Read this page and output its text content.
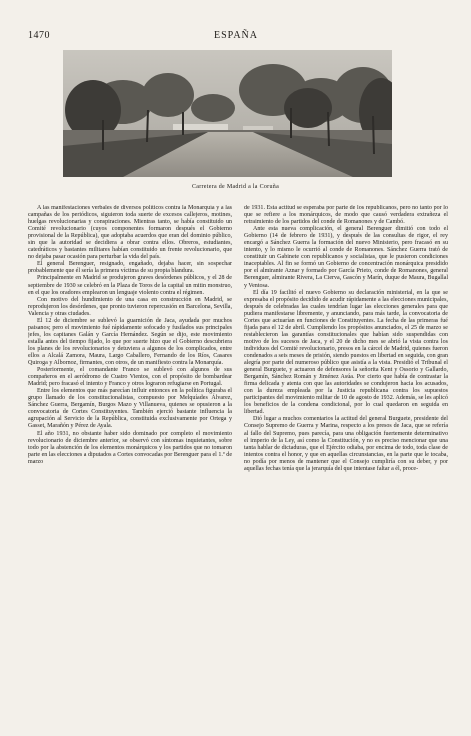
1470	ESPAÑA
Carretera de Madrid a la Coruña

A las manifestaciones verbales de diversos políticos contra la Monarquía y a las campañas de los periódicos, siguieron toda suerte de excesos callejeros, motines, huelgas revolucionarias y conspiraciones. Mientras tanto, se había constituido un Comité revolucionario (cuyos componentes formaron después el Gobierno provisional de la República), que adoptaba acuerdos que eran del dominio público, sin que la autoridad se decidiera a obrar contra ellos. Obreros, estudiantes, catedráticos y bastantes militares habían constituido un frente revolucionario, que no dejaba pasar ocasión para perturbar la vida del país.

El general Berenguer, resignado, engañado, dejaba hacer, sin sospechar probablemente que él sería la primera víctima de su propia blandura.

Principalmente en Madrid se produjeron graves desórdenes públicos, y el 28 de septiembre de 1930 se celebró en la Plaza de Toros de la capital un mitin monstruo, en el que los oradores emplearon un lenguaje violento contra el régimen.

Con motivo del hundimiento de una casa en construcción en Madrid, se reprodujeron los desórdenes, que pronto tuvieron repercusión en Barcelona, Sevilla, Valencia y otras ciudades.

El 12 de diciembre se sublevó la guarnición de Jaca, ayudada por muchos paisanos; pero el movimiento fué rápidamente sofocado y fusilados sus principales jefes, los capitanes Galán y García Hernández. Según se dijo, este movimiento estalla antes del tiempo fijado, lo que por suerte hizo que el Gobierno descubriera los planes de los revolucionarios y detuviera a algunos de los complicados, entre ellos a Alcalá Zamora, Maura, Largo Caballero, Fernando de los Ríos, Casares Quiroga y Albornoz, firmantes, con otros, de un manifiesto contra la Monarquía.

Posteriormente, el comandante Franco se sublevó con algunos de sus compañeros en el aeródromo de Cuatro Vientos, con el propósito de bombardear Madrid; pero fracasó el intento y Franco y otros lograron refugiarse en Portugal.

Entre los elementos que más parecían influir entonces en la política figuraba el grupo llamado de los constitucionalistas, compuesto por Melquíades Álvarez, Sánchez Guerra, Bergamín, Burgos Mazo y Villanueva, quienes se opusieron a la convocatoria de Cortes Constituyentes. También ejerció bastante influencia la agrupación al Servicio de la República, constituida exclusivamente por Ortega y Gasset, Marañón y Pérez de Ayala.

El año 1931, no obstante haber sido dominado por completo el movimiento revolucionario de diciembre anterior, se observó con síntomas inquietantes, sobre todo por la abstención de los elementos monárquicos y los partidos que no tomaron parte en las elecciones a diputados a Cortes convocadas por Berenguer para el 1.º de marzo

de 1931. Esta actitud se esperaba por parte de los republicanos, pero no tanto por lo que se refiere a los monárquicos, de modo que causó verdadera extrañeza el retraimiento de los partidos del conde de Romanones y de Cambó.

Ante esta nueva complicación, el general Berenguer dimitió con todo el Gobierno (14 de febrero de 1931), y después de las consultas de rigor, el rey encargó a Sánchez Guerra la formación del nuevo Ministerio, pero fracasó en su intento, y lo mismo le ocurrió al conde de Romanones. Sánchez Guerra trató de constituir un Gabinete con republicanos y socialistas, que le pusieron condiciones inaceptables. Al fin se formó un Gobierno de concentración monárquica presidido por el almirante Aznar y formado por García Prieto, conde de Romanones, general Berenguer, almirante Rivera, La Cierva, Gascón y Marín, duque de Maura, Bugallal y Ventosa.

El día 19 facilitó el nuevo Gobierno su declaración ministerial, en la que se expresaba el propósito decidido de acudir rápidamente a las elecciones municipales, después de celebradas las cuales tendrían lugar las elecciones generales para que pudiera manifestarse libremente, y anunciando, para más tarde, la convocatoria de Cortes que actuarían en funciones de Constituyentes. La fecha de las primeras fué fijada para el 12 de abril. Cumpliendo los propósitos anunciados, el 25 de marzo se restablecieron las garantías constitucionales que habían sido suspendidas con motivo de los sucesos de Jaca, y el 20 de dicho mes se abrió la vista contra los individuos del Comité revolucionario, presos en la cárcel de Madrid, quienes fueron condenados a seis meses de prisión, siendo puestos en libertad en seguida, con gran alegría por parte del numeroso público que asistía a la vista. Presidió el Tribunal el general Burguete, y actuaron de defensores la señorita Kent y Ossorio y Gallardo, Bergamín, Sánchez Román y Jiménez Asúa. Por cierto que había de contrastar la firma delicada y atenta con que las autoridades se condujeron hacia los acusados, con la dureza empleada por la Justicia republicana contra los supuestos participantes del movimiento militar de 10 de agosto de 1932. Además, se les aplicó los beneficios de la condena condicional, por lo cual quedaron en seguida en libertad.

Dió lugar a muchos comentarios la actitud del general Burguete, presidente del Consejo Supremo de Guerra y Marina, respecto a los presos de Jaca, que se refería al fallo del Supremo, pues parecía, para una obligación fuertemente determinativo el imperio de la Ley, así como la Constitución, y no es preciso mencionar que una tanta hablar de dictaduras, que el Ejército odiaba, por encima de todo, toda clase de intentos contra el honor, y que en aquellas circunstancias, en la parte que le tocaba, no podía por menos de mantener que el Consejo cumpliría con su deber, y por aquellas fechas tenía que la jerarquía del que intentase faltar a él, proce-
